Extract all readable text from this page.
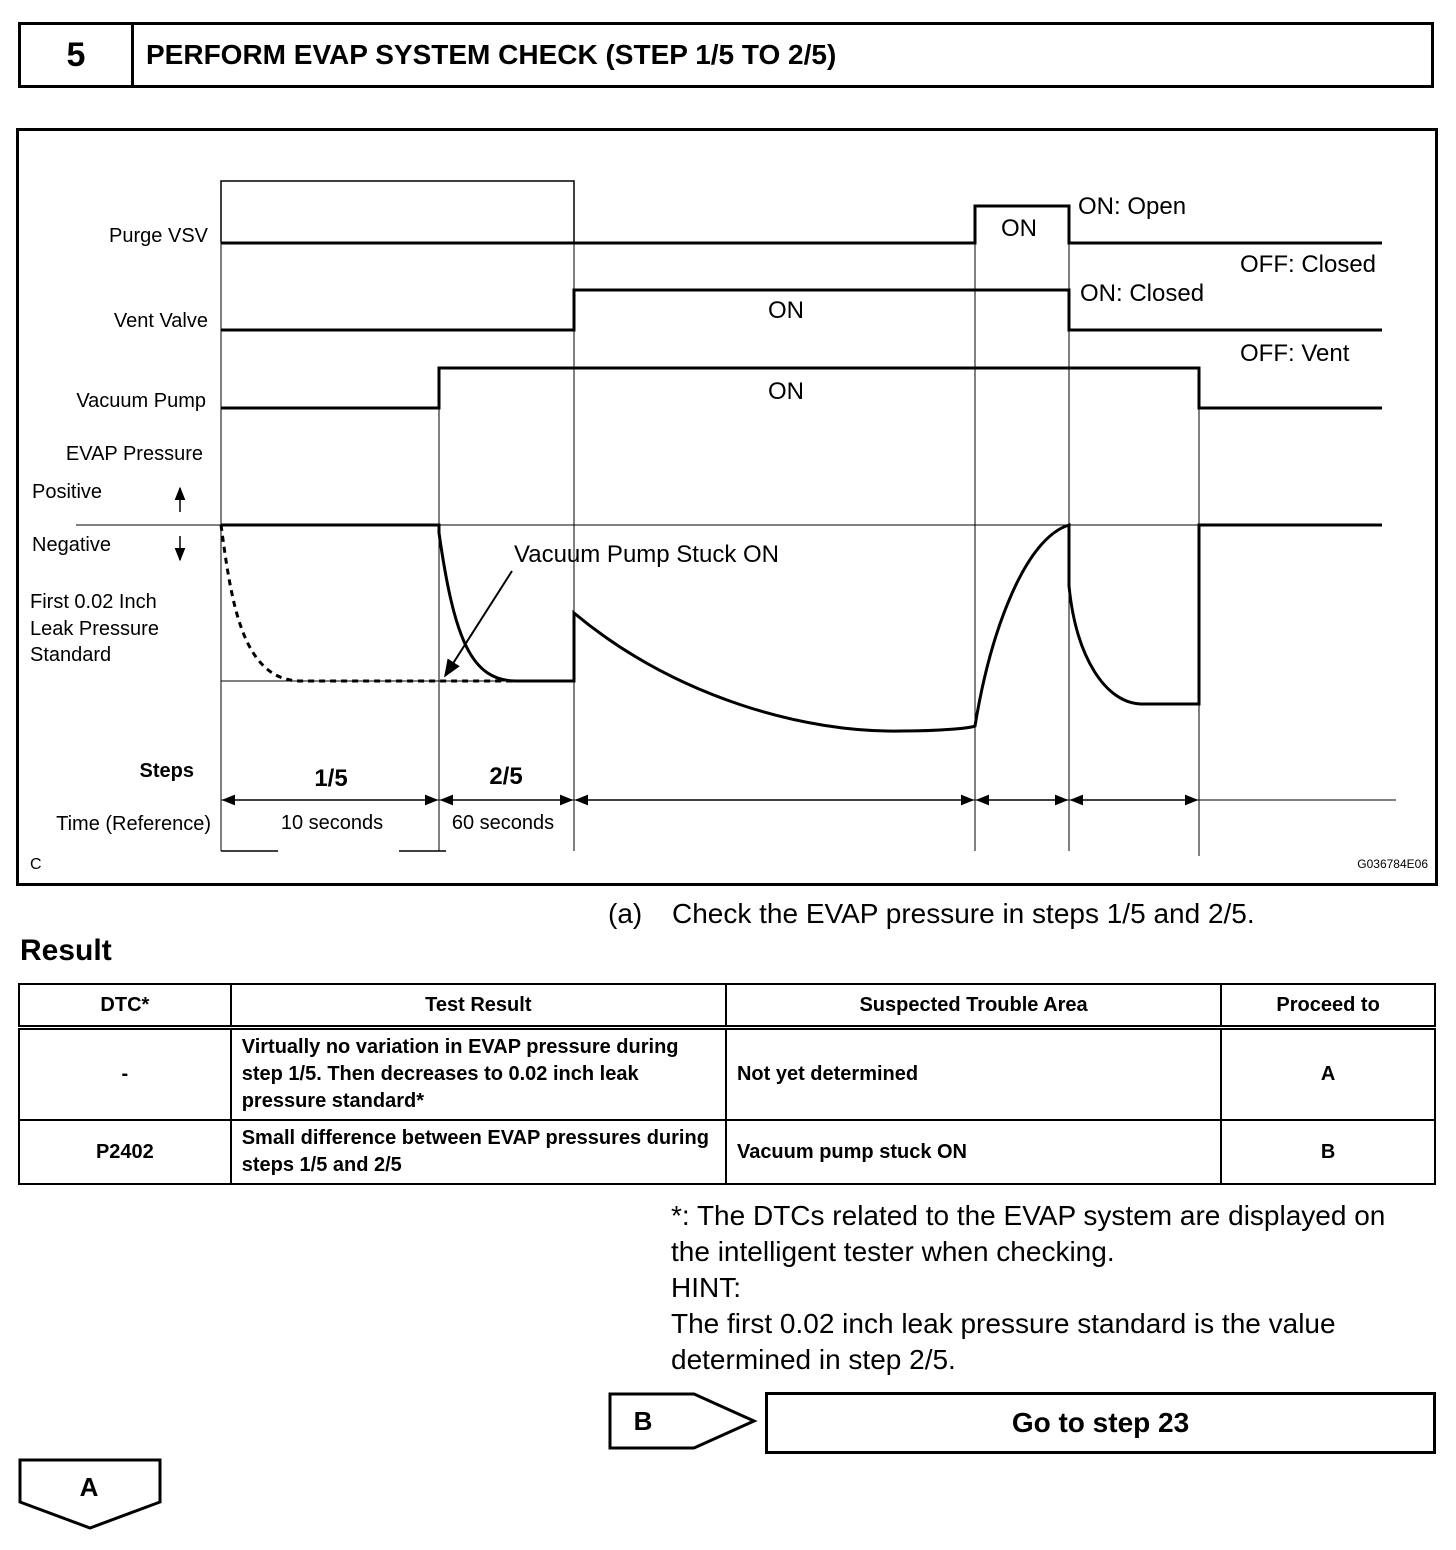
5	PERFORM EVAP SYSTEM CHECK (STEP 1/5 TO 2/5)
Purge VSV
Vent Valve
Vacuum Pump
EVAP Pressure
Positive
Negative
First 0.02 Inch
Leak Pressure
Standard
Steps
Time (Reference)
ON
ON
ON
ON: Open
OFF: Closed
ON: Closed
OFF: Vent
Vacuum Pump Stuck ON
1/5	2/5
10 seconds	60 seconds
C	G036784E06
(a) Check the EVAP pressure in steps 1/5 and 2/5.
Result
DTC*	Test Result	Suspected Trouble Area	Proceed to
-	Virtually no variation in EVAP pressure during step 1/5. Then decreases to 0.02 inch leak pressure standard*	Not yet determined	A
P2402	Small difference between EVAP pressures during steps 1/5 and 2/5	Vacuum pump stuck ON	B

*: The DTCs related to the EVAP system are displayed on the intelligent tester when checking.

HINT:

The first 0.02 inch leak pressure standard is the value determined in step 2/5.

B	Go to step 23
A
